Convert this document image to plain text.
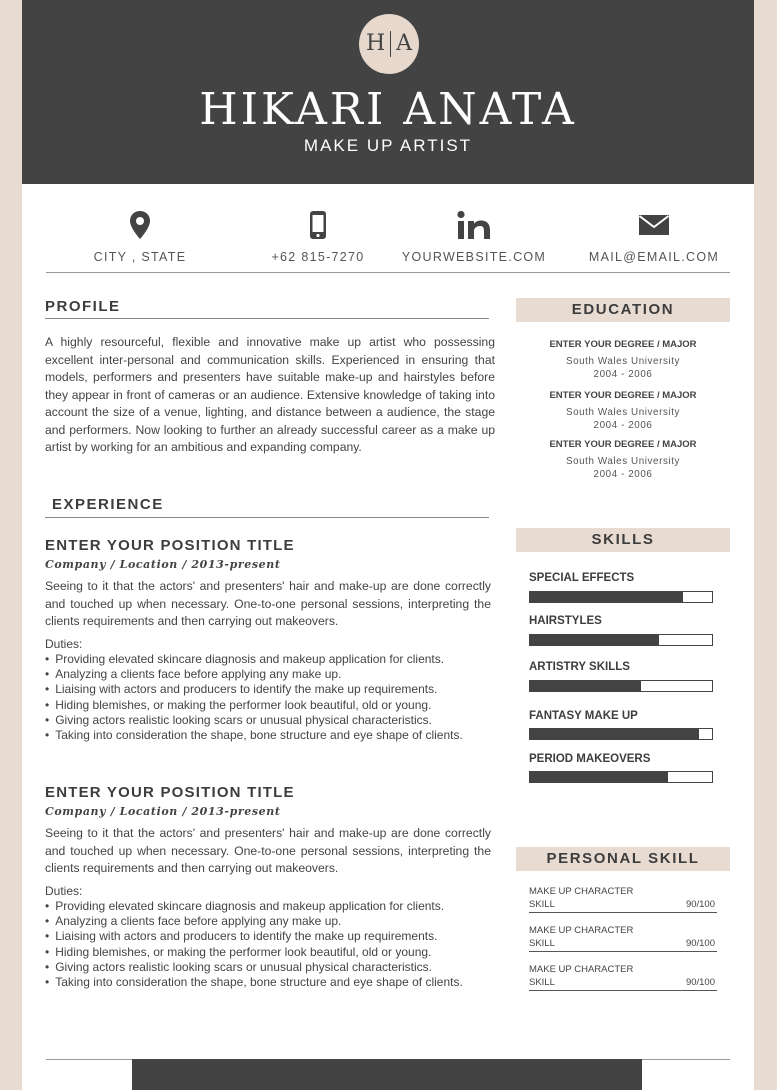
H A
HIKARI ANATA
MAKE UP ARTIST
CITY , STATE	+62 815-7270	YOURWEBSITE.COM	MAIL@EMAIL.COM
PROFILE
A highly resourceful, flexible and innovative make up artist who possessing excellent inter-personal and communication skills. Experienced in ensuring that models, performers and presenters have suitable make-up and hairstyles before they appear in front of cameras or an audience. Extensive knowledge of taking into account the size of a venue, lighting, and distance between a audience, the stage and performers. Now looking to further an already successful career as a make up artist by working for an ambitious and expanding company.
EXPERIENCE
ENTER YOUR POSITION TITLE
Company / Location / 2013-present
Seeing to it that the actors' and presenters' hair and make-up are done correctly and touched up when necessary. One-to-one personal sessions, interpreting the clients requirements and then carrying out makeovers.
Duties:
• Providing elevated skincare diagnosis and makeup application for clients.
• Analyzing a clients face before applying any make up.
• Liaising with actors and producers to identify the make up requirements.
• Hiding blemishes, or making the performer look beautiful, old or young.
• Giving actors realistic looking scars or unusual physical characteristics.
• Taking into consideration the shape, bone structure and eye shape of clients.
ENTER YOUR POSITION TITLE
Company / Location / 2013-present
Seeing to it that the actors' and presenters' hair and make-up are done correctly and touched up when necessary. One-to-one personal sessions, interpreting the clients requirements and then carrying out makeovers.
Duties:
• Providing elevated skincare diagnosis and makeup application for clients.
• Analyzing a clients face before applying any make up.
• Liaising with actors and producers to identify the make up requirements.
• Hiding blemishes, or making the performer look beautiful, old or young.
• Giving actors realistic looking scars or unusual physical characteristics.
• Taking into consideration the shape, bone structure and eye shape of clients.
EDUCATION
ENTER YOUR DEGREE / MAJOR
South Wales University
2004 - 2006
ENTER YOUR DEGREE / MAJOR
South Wales University
2004 - 2006
ENTER YOUR DEGREE / MAJOR
South Wales University
2004 - 2006
SKILLS
SPECIAL EFFECTS
HAIRSTYLES
ARTISTRY SKILLS
FANTASY MAKE UP
PERIOD MAKEOVERS
PERSONAL SKILL
MAKE UP CHARACTER
SKILL	90/100
MAKE UP CHARACTER
SKILL	90/100
MAKE UP CHARACTER
SKILL	90/100
